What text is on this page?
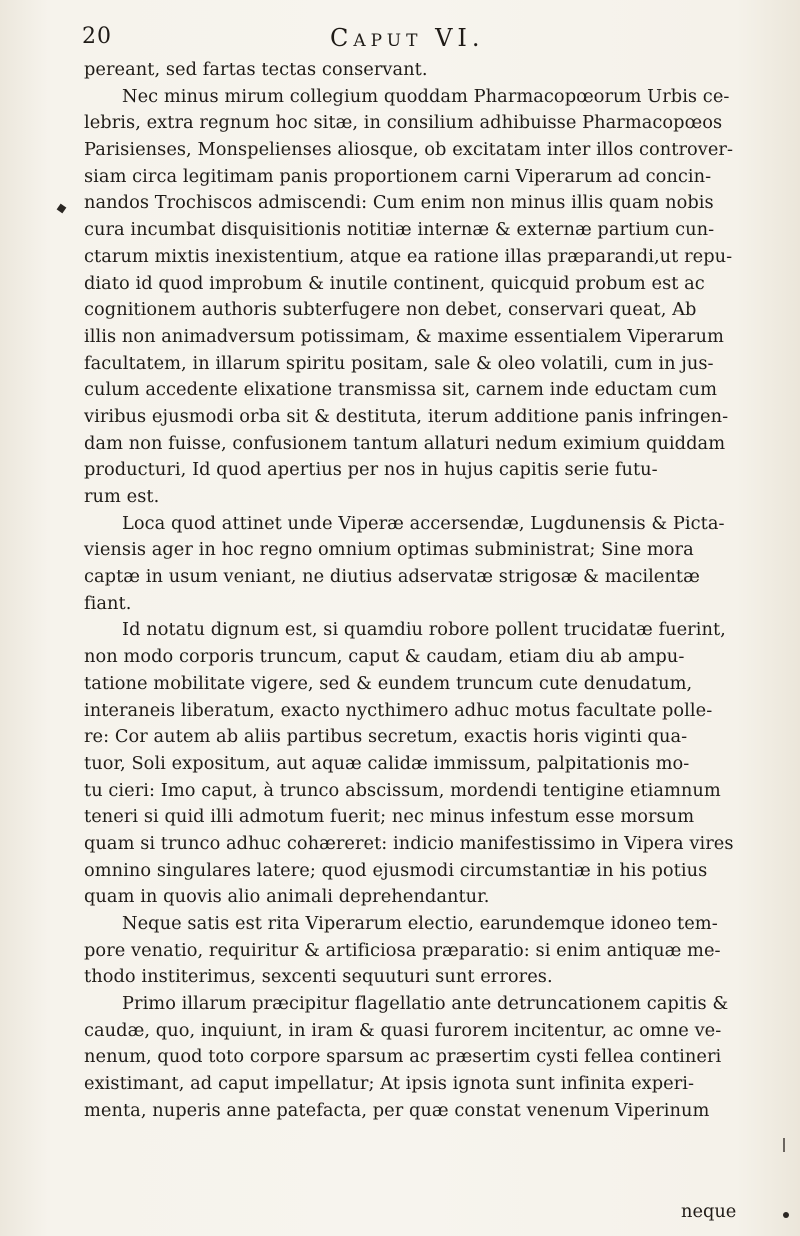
20	Caput VI.
pereant, sed fartas tectas conservant.
Nec minus mirum collegium quoddam Pharmacopœorum Urbis ce-
lebris, extra regnum hoc sitæ, in consilium adhibuisse Pharmacopœos
Parisienses, Monspelienses aliosque, ob excitatam inter illos controver-
siam circa legitimam panis proportionem carni Viperarum ad concin-
nandos Trochiscos admiscendi: Cum enim non minus illis quam nobis
cura incumbat disquisitionis notitiæ internæ & externæ partium cun-
ctarum mixtis inexistentium, atque ea ratione illas præparandi,ut repu-
diato id quod improbum & inutile continent, quicquid probum est ac
cognitionem authoris subterfugere non debet, conservari queat, Ab
illis non animadversum potissimam, & maxime essentialem Viperarum
facultatem, in illarum spiritu positam, sale & oleo volatili, cum in jus-
culum accedente elixatione transmissa sit, carnem inde eductam cum
viribus ejusmodi orba sit & destituta, iterum additione panis infringen-
dam non fuisse, confusionem tantum allaturi nedum eximium quiddam
producturi, Id quod apertius per nos in hujus capitis serie futu-
rum est.
Loca quod attinet unde Viperæ accersendæ, Lugdunensis & Picta-
viensis ager in hoc regno omnium optimas subministrat; Sine mora
captæ in usum veniant, ne diutius adservatæ strigosæ & macilentæ
fiant.
Id notatu dignum est, si quamdiu robore pollent trucidatæ fuerint,
non modo corporis truncum, caput & caudam, etiam diu ab ampu-
tatione mobilitate vigere, sed & eundem truncum cute denudatum,
interaneis liberatum, exacto nycthimero adhuc motus facultate polle-
re: Cor autem ab aliis partibus secretum, exactis horis viginti qua-
tuor, Soli expositum, aut aquæ calidæ immissum, palpitationis mo-
tu cieri: Imo caput, à trunco abscissum, mordendi tentigine etiamnum
teneri si quid illi admotum fuerit; nec minus infestum esse morsum
quam si trunco adhuc cohæreret: indicio manifestissimo in Vipera vires
omnino singulares latere; quod ejusmodi circumstantiæ in his potius
quam in quovis alio animali deprehendantur.
Neque satis est rita Viperarum electio, earundemque idoneo tem-
pore venatio, requiritur & artificiosa præparatio: si enim antiquæ me-
thodo institerimus, sexcenti sequuturi sunt errores.
Primo illarum præcipitur flagellatio ante detruncationem capitis &
caudæ, quo, inquiunt, in iram & quasi furorem incitentur, ac omne ve-
nenum, quod toto corpore sparsum ac præsertim cysti fellea contineri
existimant, ad caput impellatur; At ipsis ignota sunt infinita experi-
menta, nuperis anne patefacta, per quæ constat venenum Viperinum
neque
